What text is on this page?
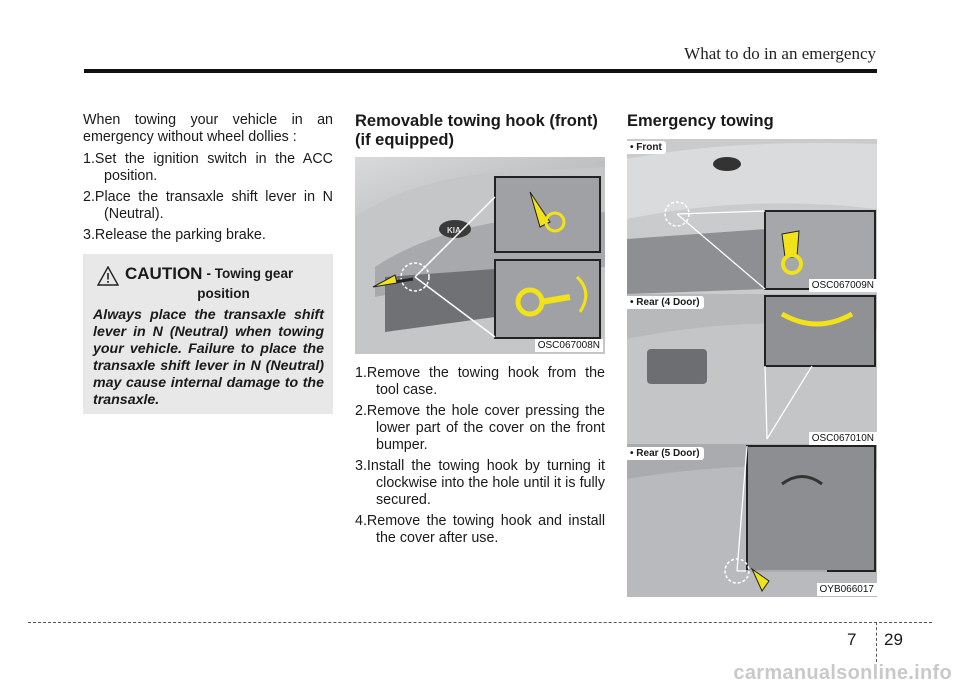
What to do in an emergency

When towing your vehicle in an emergency without wheel dollies :

1.Set the ignition switch in the ACC position.
2.Place the transaxle shift lever in N (Neutral).
3.Release the parking brake.
CAUTION - Towing gear
position

Always place the transaxle shift lever in N (Neutral) when towing your vehicle. Failure to place the transaxle shift lever in N (Neutral) may cause internal damage to the transaxle.

Removable towing hook (front) (if equipped)
KIA
OSC067008N
1.Remove the towing hook from the tool case.
2.Remove the hole cover pressing the lower part of the cover on the front bumper.
3.Install the towing hook by turning it clockwise into the hole until it is fully secured.
4.Remove the towing hook and install the cover after use.
Emergency towing
• Front
OSC067009N
• Rear (4 Door)
OSC067010N
• Rear (5 Door)
OYB066017
7 29
carmanualsonline.info
